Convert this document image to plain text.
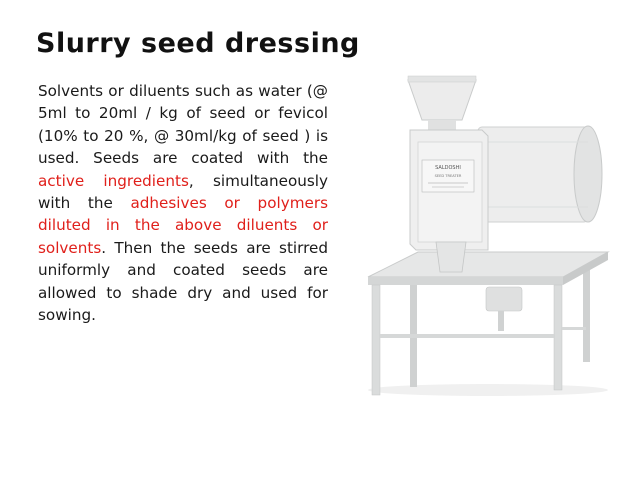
Slurry seed dressing
Solvents or diluents such as water (@ 5ml to 20ml / kg of seed or fevicol (10% to 20 %, @ 30ml/kg of seed ) is used. Seeds are coated with the active ingredients, simultaneously with the adhesives or polymers diluted in the above diluents or solvents. Then the seeds are stirred uniformly and coated seeds are allowed to shade dry and used for sowing.
SALDOSHI
SEED TREATER
